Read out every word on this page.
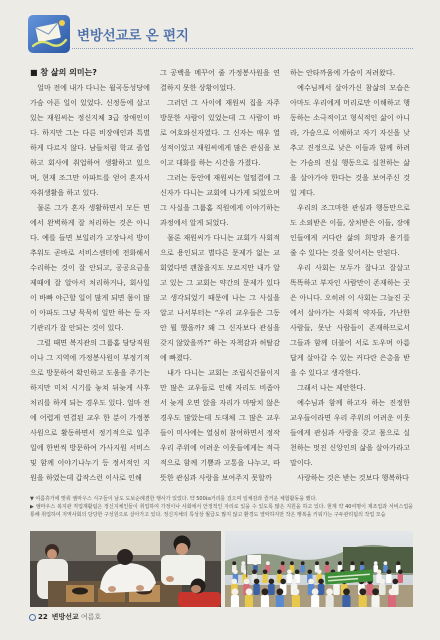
변방선교로 온 편지

■ 참 삶의 의미는?

얼마 전에 내가 다니는 월곡동성당에 가슴 아픈 일이 있었다. 신정동에 살고 있는 재원씨는 정신지체 3급 장애인이다. 하지만 그는 다른 비장애인과 특별하게 다르지 않다. 남들처럼 학교 졸업하고 회사에 취업하여 생활하고 있으며, 현재 조그만 아파트를 얻어 혼자서 자취생활을 하고 있다.

물론 그가 혼자 생활하면서 모든 면에서 완벽하게 잘 처리하는 것은 아니다. 예를 들면 보일러가 고장나서 방이 추워도 곧바로 서비스센터에 전화해서 수리하는 것이 잘 안되고, 공공요금을 제때에 잘 알아서 처리하거나, 회사일이 바빠 야근할 일이 많게 되면 몸이 많이 아파도 그냥 묵묵히 일만 하는 등 자기관리가 잘 안되는 것이 있다.

그럴 때면 복지관의 그룹홈 담당직원이나 그 지역에 가정봉사원이 부정기적으로 방문하여 확인하고 도움을 주기는 하지만 미처 시기를 놓쳐 뒤늦게 사후처리를 하게 되는 경우도 있다. 얼마 전에 어렵게 연결된 교우 한 분이 가정봉사원으로 활동하면서 정기적으로 일주일에 한번씩 방문하여 가사지원 서비스 및 함께 이야기나누기 등 정서적인 지원을 하였는데 갑작스런 이사로 인해

그 공백을 메꾸어 줄 가정봉사원을 연결하지 못한 상황이었다.

그러던 그 사이에 재원씨 집을 자주 방문한 사람이 있었는데 그 사람이 바로 여호와신자였다. 그 신자는 매우 열성적이었고 재원씨에게 많은 관심을 보이고 대화를 하는 시간을 가졌다.

그러는 동안에 재원씨는 얼떨결에 그 신자가 다니는 교회에 나가게 되었으며 그 사실을 그룹홈 직원에게 이야기하는 과정에서 알게 되었다.

물론 재원씨가 다니는 교회가 사회적으로 용인되고 별다른 문제가 없는 교회였다면 괜찮을지도 모르지만 내가 알고 있는 그 교회는 약간의 문제가 있다고 생각되었기 때문에 나는 그 사실을 알고 나서부터는 “우리 교우들은 그동안 뭘 했을까? 왜 그 신자보다 관심을 갖지 않았을까?” 하는 자책감과 허탈감에 빠졌다.

내가 다니는 교회는 조립식건물이지만 많은 교우들로 인해 자리도 비좁아서 늦게 오면 앉을 자리가 마땅치 않은 경우도 많았는데 도대체 그 많은 교우들이 미사에는 열심히 참여하면서 정작 우리 주위에 어려운 이웃들에게는 적극적으로 함께 기쁨과 고통을 나누고, 따뜻한 관심과 사랑을 보여주지 못할까

하는 안타까움에 가슴이 저려왔다.

예수님께서 살아가신 참삶의 모습은 아마도 우리에게 머리로만 이해하고 행동하는 소극적이고 형식적인 삶이 아니라, 가슴으로 이해하고 자기 자신을 낮추고 진정으로 낮은 이들과 함께 하려는 가슴의 진실 행동으로 실천하는 삶을 살아가야 한다는 것을 보여주신 것일 게다.

우리의 조그마한 관심과 행동만으로도 소외받은 이들, 상처받은 이들, 장애인들에게 커다란 삶의 희망과 용기를 줄 수 있다는 것을 잊어서는 안된다.

우리 사회는 모두가 잘나고 잘살고 똑똑하고 부자인 사람만이 존재하는 곳은 아니다. 오히려 이 사회는 그늘진 곳에서 살아가는 사회적 약자들, 가난한 사람들, 못난 사람들이 존재하므로서 그들과 함께 더불어 서로 도우며 아름답게 살아갈 수 있는 커다란 은총을 받을 수 있다고 생각한다.

그래서 나는 제안한다.

예수님과 함께 하고자 하는 진정한 교우들이라면 우리 주위의 어려운 이웃들에게 관심과 사랑을 갖고 몸으로 실천하는 멋진 신앙인의 삶을 살아가라고 말이다.

사랑하는 것은 받는 것보다 행복하다

▼ 여름휴가에 맞춰 엠마우스 식구들이 남도 도보순례겸한 행사가 있었다. 약 500㎞거리를 걸으며 일체감과 즐거운 체험활동을 했다.

▶ 엠마우스 복지관 직업재활팀은 정신지체인들이 취업하여 가정이나 사회에서 안정적인 자리로 있을 수 있도록 많은 지원을 하고 있다. 현재 약 40여명이 제조업과 서비스업을 통해 취업하여 지역사회의 당당한 구성원으로 살아가고 있다. 정신지체의 특성상 월급도 많지 않고 환경도 열악하지만 작은 행복을 키워가는 구두관리팀의 작업 모습

22 변방선교 여름호
